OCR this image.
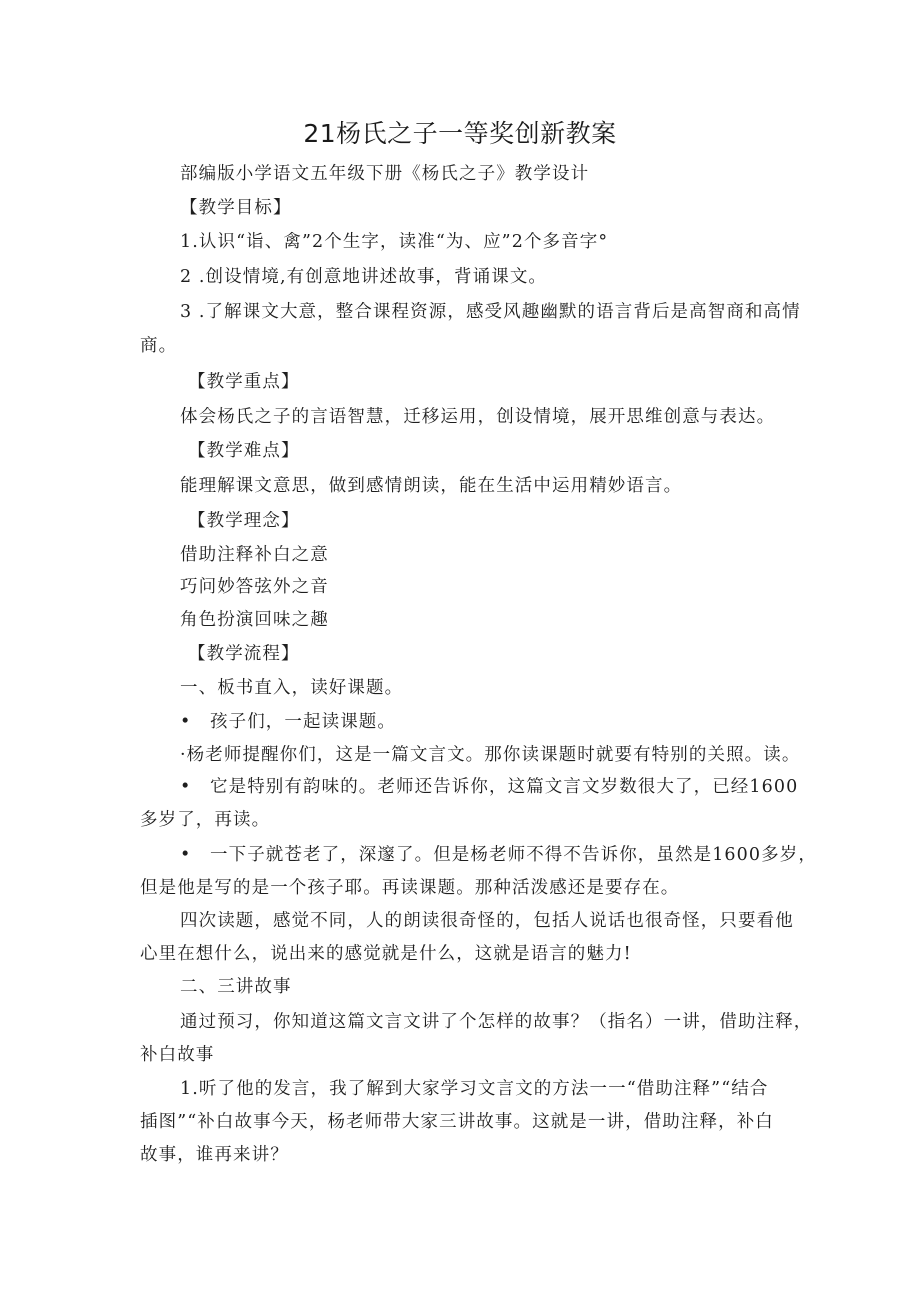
21杨氏之子一等奖创新教案
部编版小学语文五年级下册《杨氏之子》教学设计
【教学目标】
1.认识“诣、禽”2个生字，读准“为、应”2个多音字°
2 .创设情境,有创意地讲述故事，背诵课文。
3 .了解课文大意，整合课程资源，感受风趣幽默的语言背后是高智商和高情
商。
【教学重点】
体会杨氏之子的言语智慧，迁移运用，创设情境，展开思维创意与表达。
【教学难点】
能理解课文意思，做到感情朗读，能在生活中运用精妙语言。
【教学理念】
借助注释补白之意
巧问妙答弦外之音
角色扮演回味之趣
【教学流程】
一、板书直入，读好课题。
• 孩子们，一起读课题。
·杨老师提醒你们，这是一篇文言文。那你读课题时就要有特别的关照。读。
• 它是特别有韵味的。老师还告诉你，这篇文言文岁数很大了，已经1600
多岁了，再读。
• 一下子就苍老了，深邃了。但是杨老师不得不告诉你，虽然是1600多岁，
但是他是写的是一个孩子耶。再读课题。那种活泼感还是要存在。
四次读题，感觉不同，人的朗读很奇怪的，包括人说话也很奇怪，只要看他
心里在想什么，说出来的感觉就是什么，这就是语言的魅力!
二、三讲故事
通过预习，你知道这篇文言文讲了个怎样的故事？（指名）一讲，借助注释，
补白故事
1.听了他的发言，我了解到大家学习文言文的方法一一“借助注释”“结合
插图”“补白故事今天，杨老师带大家三讲故事。这就是一讲，借助注释，补白
故事，谁再来讲？
